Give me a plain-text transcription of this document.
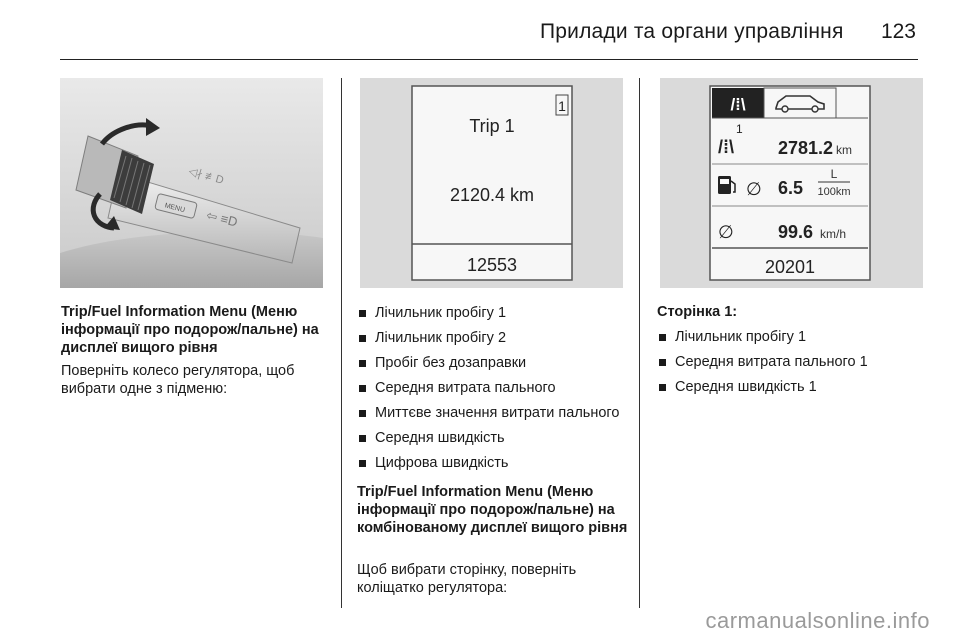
Прилади та органи управління 123
MENU ⇦ ≡D
◁∤ ≢D
Trip/Fuel Information Menu (Меню інформації про подорож/пальне) на дисплеї вищого рівня
Поверніть колесо регулятора, щоб вибрати одне з підменю:
1
Trip 1
2120.4 km
12553
Лічильник пробігу 1
Лічильник пробігу 2
Пробіг без дозаправки
Середня витрата пального
Миттєве значення витрати пального
Середня швидкість
Цифрова швидкість
Trip/Fuel Information Menu (Меню інформації про подорож/пальне) на комбінованому дисплеї вищого рівня
Щоб вибрати сторінку, поверніть коліщатко регулятора:
/⁞\
1
/⁞\ 2781.2 km
∅ 6.5
L
100km
∅ 99.6 km/h
20201
Сторінка 1:
Лічильник пробігу 1
Середня витрата пального 1
Середня швидкість 1
carmanualsonline.info
